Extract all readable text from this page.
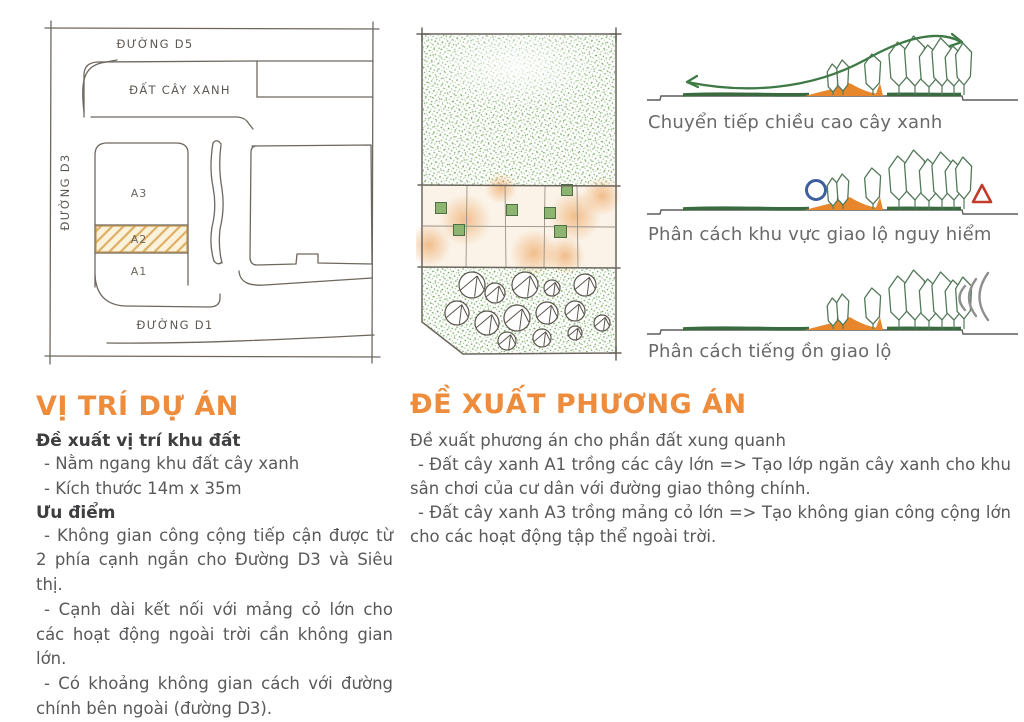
ĐƯỜNG D5
ĐẤT CÂY XANH
ĐƯỜNG D3
ĐƯỜNG D1
A3
A2
A1
Chuyển tiếp chiều cao cây xanh
Phân cách khu vực giao lộ nguy hiểm
Phân cách tiếng ồn giao lộ
VỊ TRÍ DỰ ÁN
Đề xuất vị trí khu đất

- Nằm ngang khu đất cây xanh

- Kích thước 14m x 35m

Ưu điểm

- Không gian công cộng tiếp cận được từ 2 phía cạnh ngắn cho Đường D3 và Siêu thị.

- Cạnh dài kết nối với mảng cỏ lớn cho các hoạt động ngoài trời cần không gian lớn.

- Có khoảng không gian cách với đường chính bên ngoài (đường D3).

ĐỀ XUẤT PHƯƠNG ÁN

Đề xuất phương án cho phần đất xung quanh

- Đất cây xanh A1 trồng các cây lớn => Tạo lớp ngăn cây xanh cho khu sân chơi của cư dân với đường giao thông chính.

- Đất cây xanh A3 trồng mảng cỏ lớn => Tạo không gian công cộng lớn cho các hoạt động tập thể ngoài trời.
